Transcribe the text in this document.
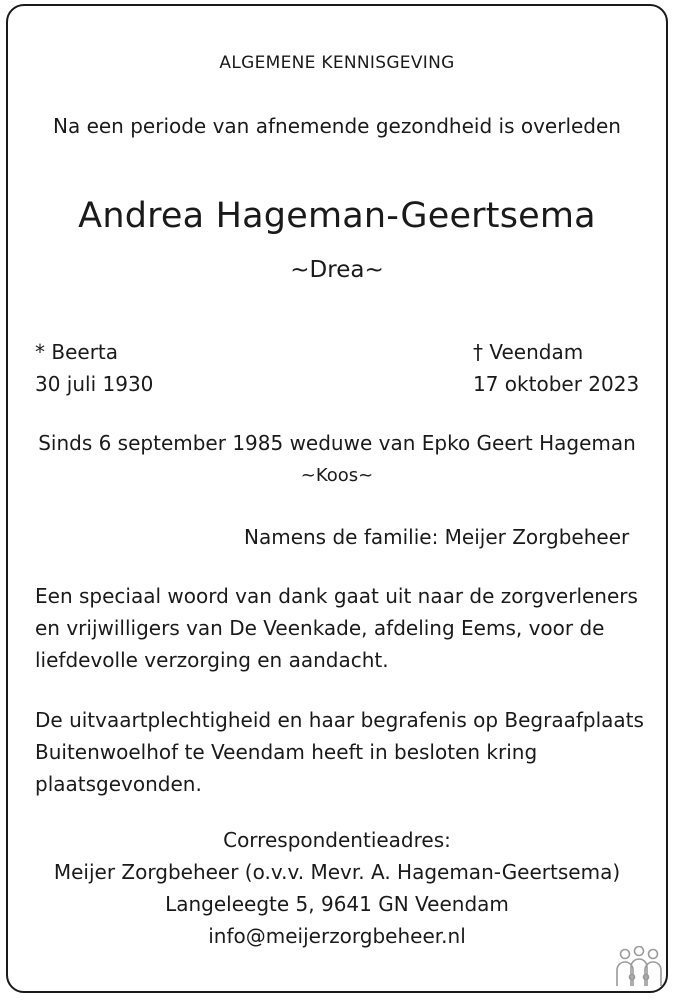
ALGEMENE KENNISGEVING
Na een periode van afnemende gezondheid is overleden
Andrea Hageman-Geertsema
~Drea~
* Beerta
30 juli 1930
† Veendam
17 oktober 2023
Sinds 6 september 1985 weduwe van Epko Geert Hageman
~Koos~
Namens de familie: Meijer Zorgbeheer
Een speciaal woord van dank gaat uit naar de zorgverleners
en vrijwilligers van De Veenkade, afdeling Eems, voor de
liefdevolle verzorging en aandacht.
De uitvaartplechtigheid en haar begrafenis op Begraafplaats
Buitenwoelhof te Veendam heeft in besloten kring
plaatsgevonden.
Correspondentieadres:
Meijer Zorgbeheer (o.v.v. Mevr. A. Hageman-Geertsema)
Langeleegte 5, 9641 GN Veendam
info@meijerzorgbeheer.nl
